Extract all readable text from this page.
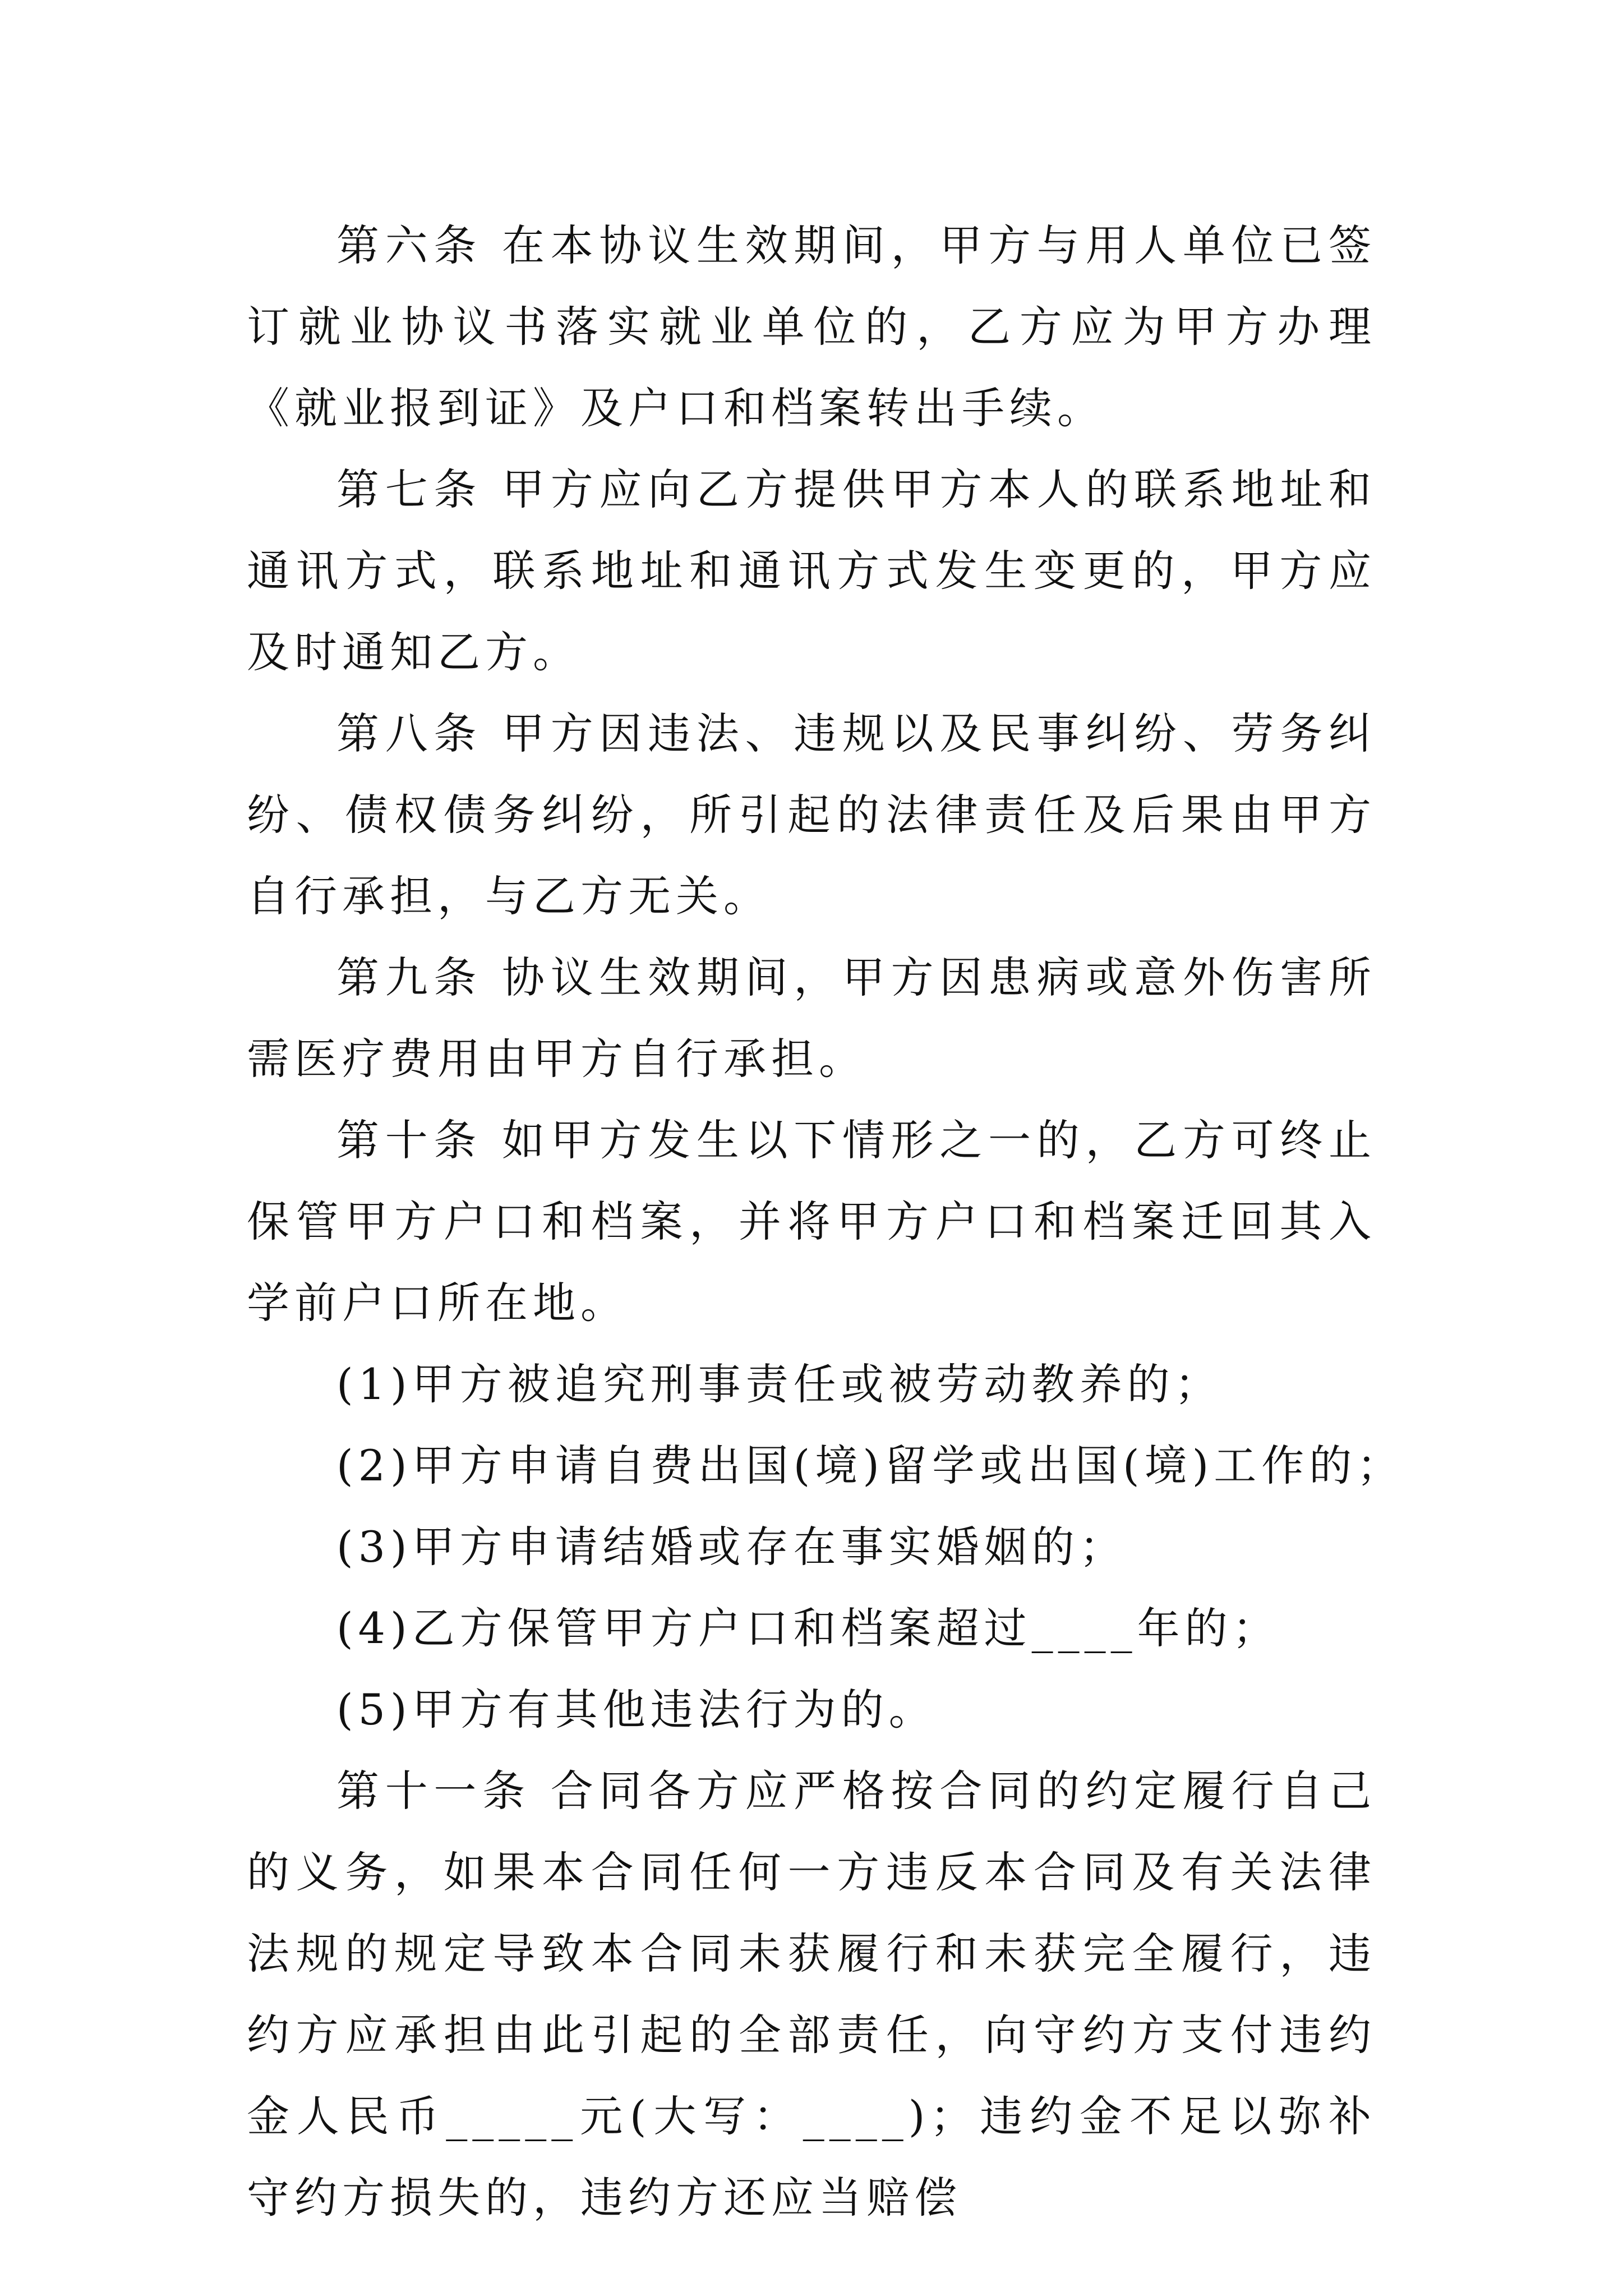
第六条 在本协议生效期间，甲方与用人单位已签订就业协议书落实就业单位的，乙方应为甲方办理《就业报到证》及户口和档案转出手续。

第七条 甲方应向乙方提供甲方本人的联系地址和通讯方式，联系地址和通讯方式发生变更的，甲方应及时通知乙方。

第八条 甲方因违法、违规以及民事纠纷、劳务纠纷、债权债务纠纷，所引起的法律责任及后果由甲方自行承担，与乙方无关。

第九条 协议生效期间，甲方因患病或意外伤害所需医疗费用由甲方自行承担。

第十条 如甲方发生以下情形之一的，乙方可终止保管甲方户口和档案，并将甲方户口和档案迁回其入学前户口所在地。

(1)甲方被追究刑事责任或被劳动教养的；

(2)甲方申请自费出国(境)留学或出国(境)工作的；

(3)甲方申请结婚或存在事实婚姻的；

(4)乙方保管甲方户口和档案超过____年的；

(5)甲方有其他违法行为的。

第十一条 合同各方应严格按合同的约定履行自己的义务，如果本合同任何一方违反本合同及有关法律法规的规定导致本合同未获履行和未获完全履行，违约方应承担由此引起的全部责任，向守约方支付违约金人民币_____元(大写：____)；违约金不足以弥补守约方损失的，违约方还应当赔偿
